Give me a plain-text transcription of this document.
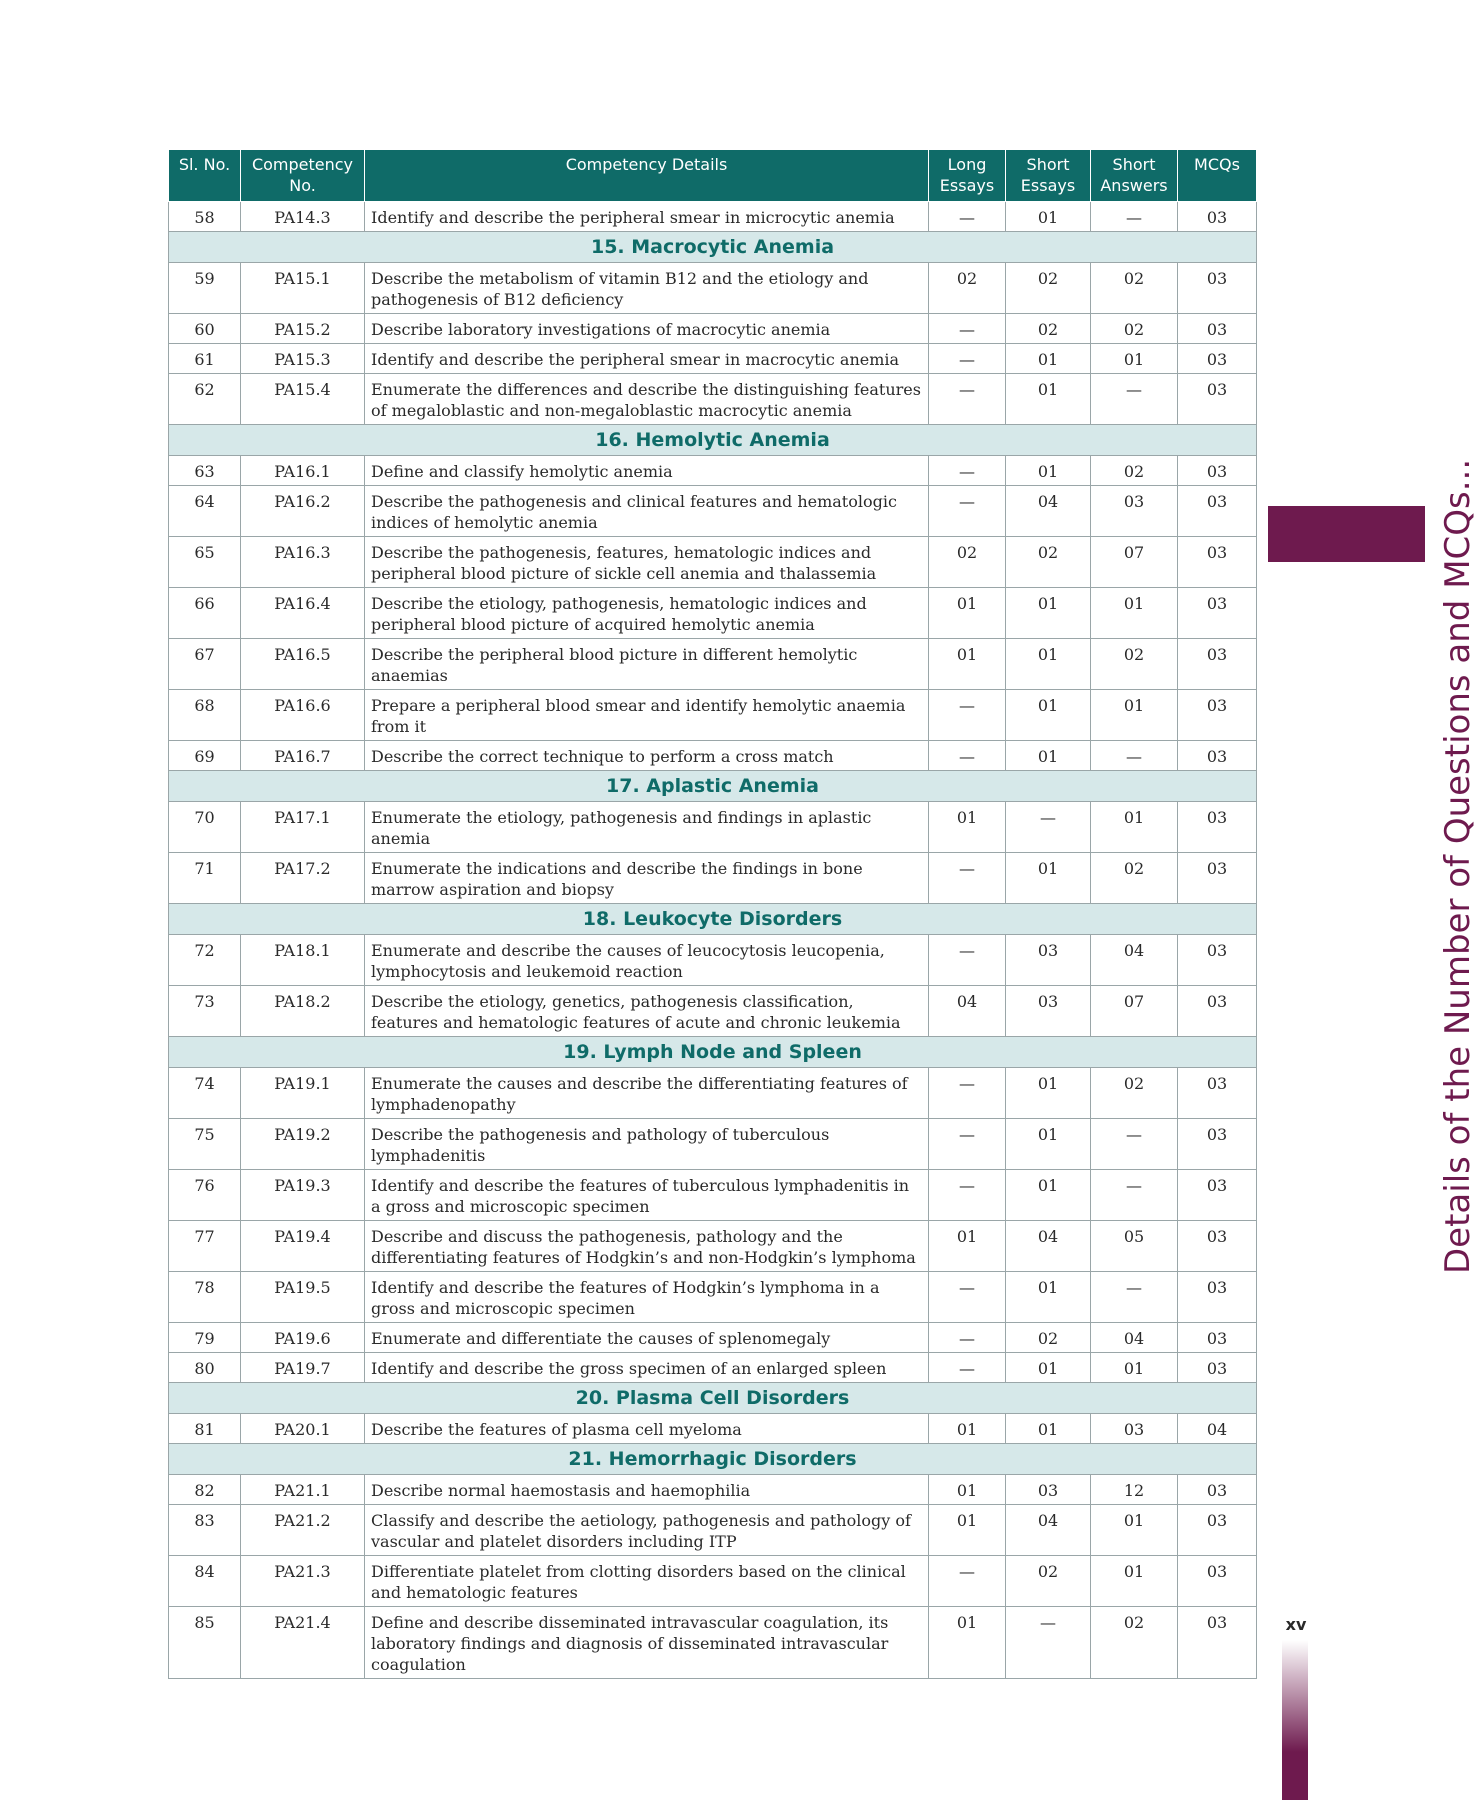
Sl. No.	Competency No.	Competency Details	Long Essays	Short Essays	Short Answers	MCQs
58	PA14.3	Identify and describe the peripheral smear in microcytic anemia	—	01	—	03
15. Macrocytic Anemia						
59	PA15.1	Describe the metabolism of vitamin B12 and the etiology and pathogenesis of B12 deficiency	02	02	02	03
60	PA15.2	Describe laboratory investigations of macrocytic anemia	—	02	02	03
61	PA15.3	Identify and describe the peripheral smear in macrocytic anemia	—	01	01	03
62	PA15.4	Enumerate the differences and describe the distinguishing features of megaloblastic and non-megaloblastic macrocytic anemia	—	01	—	03
16. Hemolytic Anemia						
63	PA16.1	Define and classify hemolytic anemia	—	01	02	03
64	PA16.2	Describe the pathogenesis and clinical features and hematologic indices of hemolytic anemia	—	04	03	03
65	PA16.3	Describe the pathogenesis, features, hematologic indices and peripheral blood picture of sickle cell anemia and thalassemia	02	02	07	03
66	PA16.4	Describe the etiology, pathogenesis, hematologic indices and peripheral blood picture of acquired hemolytic anemia	01	01	01	03
67	PA16.5	Describe the peripheral blood picture in different hemolytic anaemias	01	01	02	03
68	PA16.6	Prepare a peripheral blood smear and identify hemolytic anaemia from it	—	01	01	03
69	PA16.7	Describe the correct technique to perform a cross match	—	01	—	03
17. Aplastic Anemia						
70	PA17.1	Enumerate the etiology, pathogenesis and findings in aplastic anemia	01	—	01	03
71	PA17.2	Enumerate the indications and describe the findings in bone marrow aspiration and biopsy	—	01	02	03
18. Leukocyte Disorders						
72	PA18.1	Enumerate and describe the causes of leucocytosis leucopenia, lymphocytosis and leukemoid reaction	—	03	04	03
73	PA18.2	Describe the etiology, genetics, pathogenesis classification, features and hematologic features of acute and chronic leukemia	04	03	07	03
19. Lymph Node and Spleen						
74	PA19.1	Enumerate the causes and describe the differentiating features of lymphadenopathy	—	01	02	03
75	PA19.2	Describe the pathogenesis and pathology of tuberculous lymphadenitis	—	01	—	03
76	PA19.3	Identify and describe the features of tuberculous lymphadenitis in a gross and microscopic specimen	—	01	—	03
77	PA19.4	Describe and discuss the pathogenesis, pathology and the differentiating features of Hodgkin’s and non-Hodgkin’s lymphoma	01	04	05	03
78	PA19.5	Identify and describe the features of Hodgkin’s lymphoma in a gross and microscopic specimen	—	01	—	03
79	PA19.6	Enumerate and differentiate the causes of splenomegaly	—	02	04	03
80	PA19.7	Identify and describe the gross specimen of an enlarged spleen	—	01	01	03
20. Plasma Cell Disorders						
81	PA20.1	Describe the features of plasma cell myeloma	01	01	03	04
21. Hemorrhagic Disorders						
82	PA21.1	Describe normal haemostasis and haemophilia	01	03	12	03
83	PA21.2	Classify and describe the aetiology, pathogenesis and pathology of vascular and platelet disorders including ITP	01	04	01	03
84	PA21.3	Differentiate platelet from clotting disorders based on the clinical and hematologic features	—	02	01	03
85	PA21.4	Define and describe disseminated intravascular coagulation, its laboratory findings and diagnosis of disseminated intravascular coagulation	01	—	02	03
Details of the Number of Questions and MCQs...
xv
